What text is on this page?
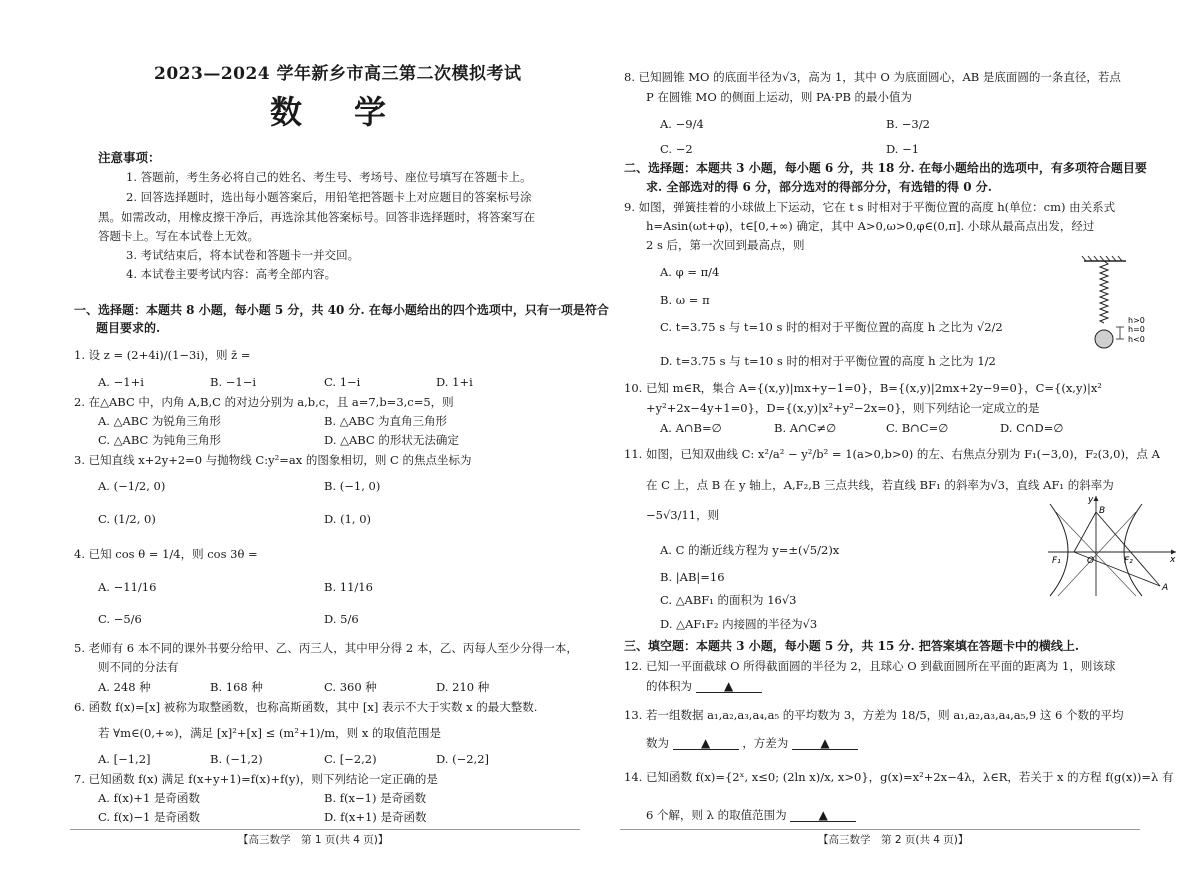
2023—2024 学年新乡市高三第二次模拟考试
数学
注意事项：
1. 答题前，考生务必将自己的姓名、考生号、考场号、座位号填写在答题卡上。
2. 回答选择题时，选出每小题答案后，用铅笔把答题卡上对应题目的答案标号涂
黑。如需改动，用橡皮擦干净后，再选涂其他答案标号。回答非选择题时，将答案写在
答题卡上。写在本试卷上无效。
3. 考试结束后，将本试卷和答题卡一并交回。
4. 本试卷主要考试内容：高考全部内容。
一、选择题：本题共 8 小题，每小题 5 分，共 40 分. 在每小题给出的四个选项中，只有一项是符合
题目要求的.
1. 设 z = (2+4i)/(1−3i)，则 z̄ =
A. −1+i	B. −1−i	C. 1−i	D. 1+i
2. 在△ABC 中，内角 A,B,C 的对边分别为 a,b,c，且 a=7,b=3,c=5，则
A. △ABC 为锐角三角形	B. △ABC 为直角三角形
C. △ABC 为钝角三角形	D. △ABC 的形状无法确定
3. 已知直线 x+2y+2=0 与抛物线 C:y²=ax 的图象相切，则 C 的焦点坐标为
A. (−1/2, 0)	B. (−1, 0)
C. (1/2, 0)	D. (1, 0)
4. 已知 cos θ = 1/4，则 cos 3θ =
A. −11/16	B. 11/16
C. −5/6	D. 5/6
5. 老师有 6 本不同的课外书要分给甲、乙、丙三人，其中甲分得 2 本，乙、丙每人至少分得一本，
则不同的分法有
A. 248 种	B. 168 种	C. 360 种	D. 210 种
6. 函数 f(x)=[x] 被称为取整函数，也称高斯函数，其中 [x] 表示不大于实数 x 的最大整数.
若 ∀m∈(0,+∞)，满足 [x]²+[x] ≤ (m²+1)/m，则 x 的取值范围是
A. [−1,2]	B. (−1,2)	C. [−2,2)	D. (−2,2]
7. 已知函数 f(x) 满足 f(x+y+1)=f(x)+f(y)，则下列结论一定正确的是
A. f(x)+1 是奇函数	B. f(x−1) 是奇函数
C. f(x)−1 是奇函数	D. f(x+1) 是奇函数
【高三数学　第 1 页(共 4 页)】
8. 已知圆锥 MO 的底面半径为√3，高为 1，其中 O 为底面圆心，AB 是底面圆的一条直径，若点
P 在圆锥 MO 的侧面上运动，则 PA·PB 的最小值为
A. −9/4	B. −3/2
C. −2	D. −1
二、选择题：本题共 3 小题，每小题 6 分，共 18 分. 在每小题给出的选项中，有多项符合题目要
求. 全部选对的得 6 分，部分选对的得部分分，有选错的得 0 分.
9. 如图，弹簧挂着的小球做上下运动，它在 t s 时相对于平衡位置的高度 h(单位：cm) 由关系式
h=Asin(ωt+φ)，t∈[0,+∞) 确定，其中 A>0,ω>0,φ∈(0,π]. 小球从最高点出发，经过
2 s 后，第一次回到最高点，则
A. φ = π/4
B. ω = π
C. t=3.75 s 与 t=10 s 时的相对于平衡位置的高度 h 之比为 √2/2
D. t=3.75 s 与 t=10 s 时的相对于平衡位置的高度 h 之比为 1/2
h>0
h=0
h<0
10. 已知 m∈R，集合 A={(x,y)|mx+y−1=0}，B={(x,y)|2mx+2y−9=0}，C={(x,y)|x²
+y²+2x−4y+1=0}，D={(x,y)|x²+y²−2x=0}，则下列结论一定成立的是
A. A∩B=∅	B. A∩C≠∅	C. B∩C=∅	D. C∩D=∅
11. 如图，已知双曲线 C: x²/a² − y²/b² = 1(a>0,b>0) 的左、右焦点分别为 F₁(−3,0)，F₂(3,0)，点 A
在 C 上，点 B 在 y 轴上，A,F₂,B 三点共线，若直线 BF₁ 的斜率为√3，直线 AF₁ 的斜率为
−5√3/11，则
A. C 的渐近线方程为 y=±(√5/2)x
B. |AB|=16
C. △ABF₁ 的面积为 16√3
D. △AF₁F₂ 内接圆的半径为√3
y
B
x
O
F₁	F₂
A
三、填空题：本题共 3 小题，每小题 5 分，共 15 分. 把答案填在答题卡中的横线上.
12. 已知一平面截球 O 所得截面圆的半径为 2，且球心 O 到截面圆所在平面的距离为 1，则该球
的体积为	▲
13. 若一组数据 a₁,a₂,a₃,a₄,a₅ 的平均数为 3，方差为 18/5，则 a₁,a₂,a₃,a₄,a₅,9 这 6 个数的平均
数为	▲	，方差为	▲
14. 已知函数 f(x)={2ˣ, x≤0; (2ln x)/x, x>0}，g(x)=x²+2x−4λ，λ∈R，若关于 x 的方程 f(g(x))=λ 有
6 个解，则 λ 的取值范围为	▲
【高三数学　第 2 页(共 4 页)】
